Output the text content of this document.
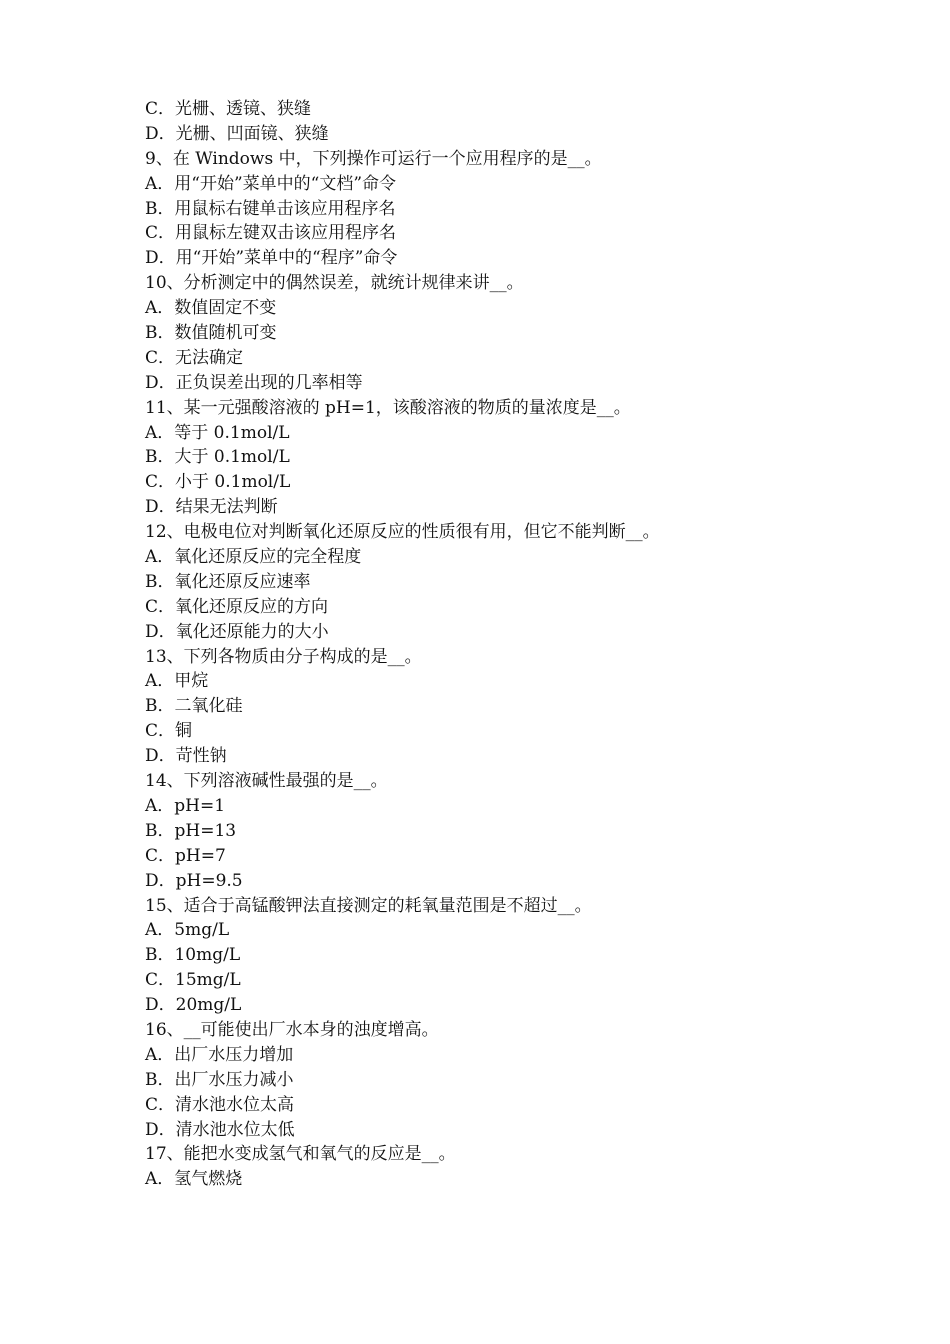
C．光栅、透镜、狭缝
D．光栅、凹面镜、狭缝
9、在 Windows 中，下列操作可运行一个应用程序的是__。
A．用“开始”菜单中的“文档”命令
B．用鼠标右键单击该应用程序名
C．用鼠标左键双击该应用程序名
D．用“开始”菜单中的“程序”命令
10、分析测定中的偶然误差，就统计规律来讲__。
A．数值固定不变
B．数值随机可变
C．无法确定
D．正负误差出现的几率相等
11、某一元强酸溶液的 pH=1，该酸溶液的物质的量浓度是__。
A．等于 0.1mol/L
B．大于 0.1mol/L
C．小于 0.1mol/L
D．结果无法判断
12、电极电位对判断氧化还原反应的性质很有用，但它不能判断__。
A．氧化还原反应的完全程度
B．氧化还原反应速率
C．氧化还原反应的方向
D．氧化还原能力的大小
13、下列各物质由分子构成的是__。
A．甲烷
B．二氧化硅
C．铜
D．苛性钠
14、下列溶液碱性最强的是__。
A．pH=1
B．pH=13
C．pH=7
D．pH=9.5
15、适合于高锰酸钾法直接测定的耗氧量范围是不超过__。
A．5mg/L
B．10mg/L
C．15mg/L
D．20mg/L
16、__可能使出厂水本身的浊度增高。
A．出厂水压力增加
B．出厂水压力减小
C．清水池水位太高
D．清水池水位太低
17、能把水变成氢气和氧气的反应是__。
A．氢气燃烧
